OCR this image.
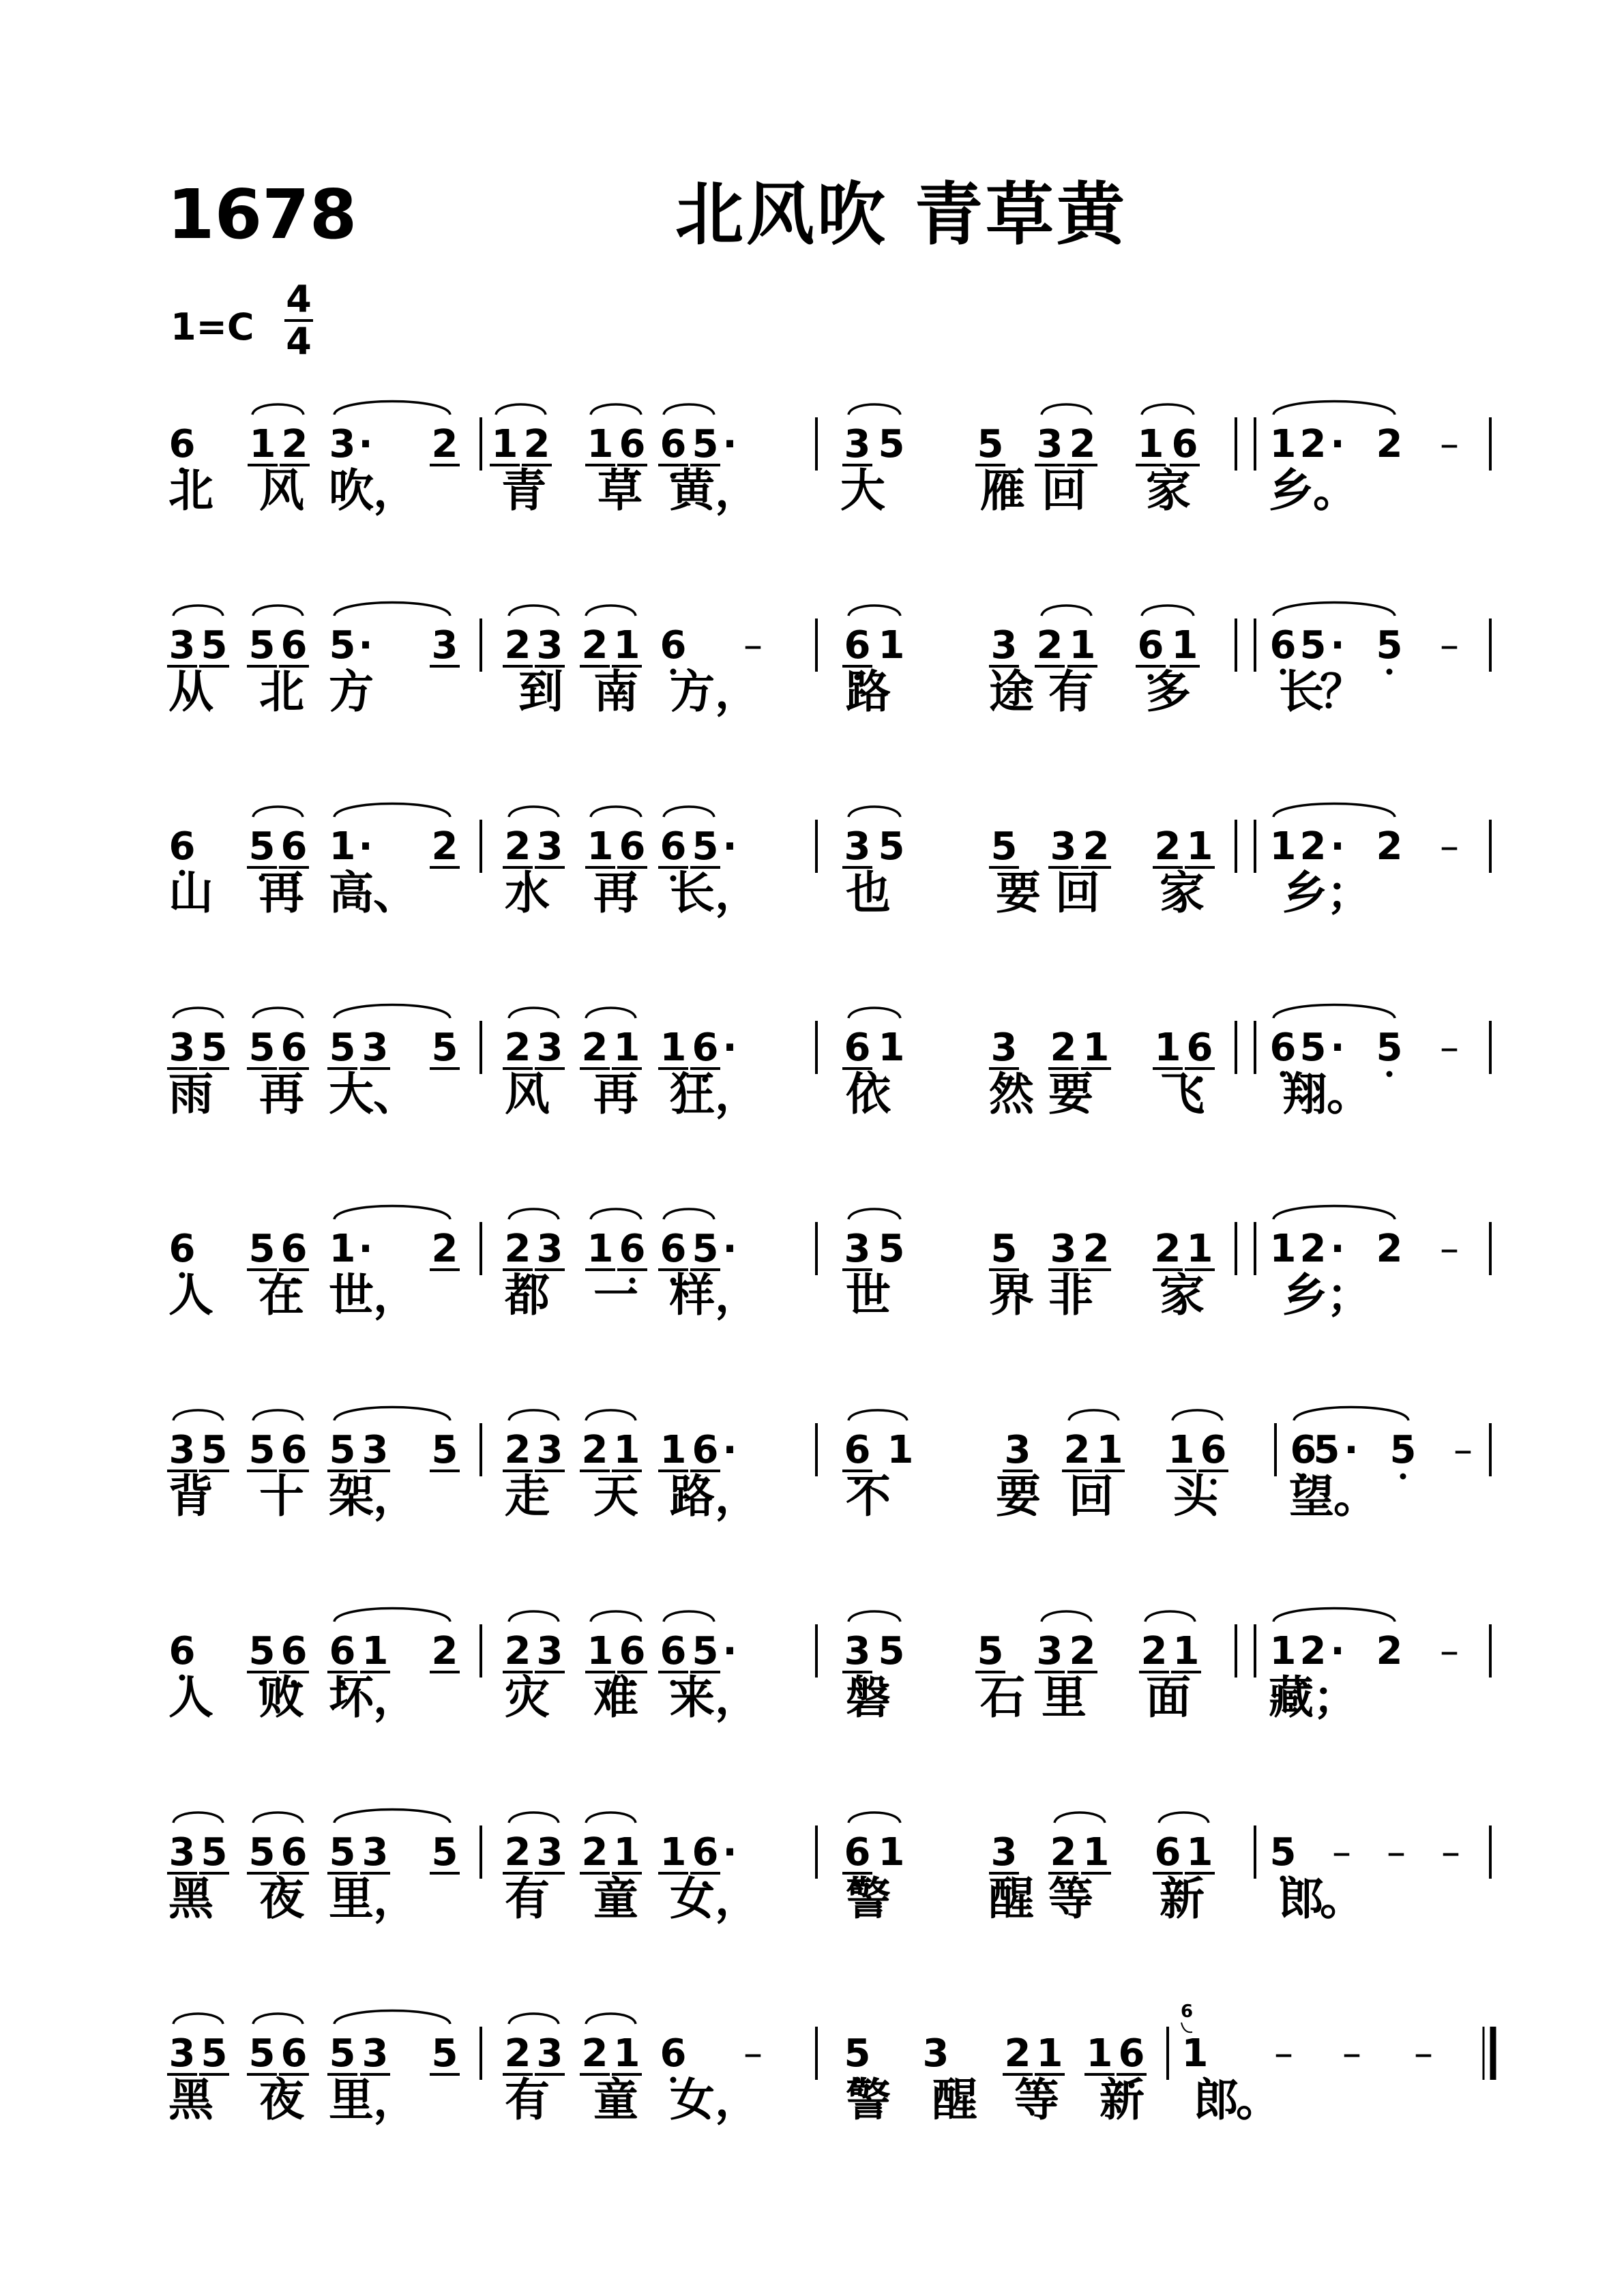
1678	北风吹 青草黄
1=C
4
4
6 1 2 3 · 2 1 2 1 6 6 5 ·	3 5 5 3 2 1 6 1 2 · 2 –
北 风 吹 ， 青 草 黄 ， 大 雁 回 家 乡 。
3 5 5 6 5 · 3 2 3 2 1 6 – 6 1 3 2 1 6 1 6 5 · 5 –
从 北 方	到 南 方 ， 路 途 有 多 长
？
6 5 6 1 · 2 2 3 1 6 6 5 ·	3 5 5 3 2 2 1 1 2 · 2 –
山 再 高 、 水 再 长 ， 也 要 回 家 乡 ；
3 5 5 6 5 3 5 2 3 2 1 1 6 ·	6 1 3 2 1 1 6 6 5 · 5 –
雨 再 大 、 风 再 狂 ， 依 然 要 飞 翔 。
6 5 6 1 · 2 2 3 1 6 6 5 ·	3 5 5 3 2 2 1 1 2 · 2 –
人 在 世 ， 都 一 样 ， 世 界 非 家 乡 ；
3 5 5 6 5 3 5 2 3 2 1 1 6 ·	6 1 3 2 1 1 6 6
5 · 5 –
背 十 架 ， 走 天 路 ， 不 要 回 头 望 。
6 5 6 6 1 2 2 3 1 6 6 5 ·	3 5 5 3 2 2 1 1 2 · 2 –
人 败 坏 ， 灾 难 来 ， 磐 石 里 面 藏 ；
3 5 5 6 5 3 5 2 3 2 1 1 6 ·	6 1 3 2 1 6 1 5 – – –
黑 夜 里 ， 有 童 女 ， 警 醒 等 新 郎
。
3 5 5 6 5 3 5 2 3 2 1 6 – 5 3 2 1 1 6 1 – – –
6
黑 夜 里 ， 有 童 女 ， 警 醒 等 新 郎
。
